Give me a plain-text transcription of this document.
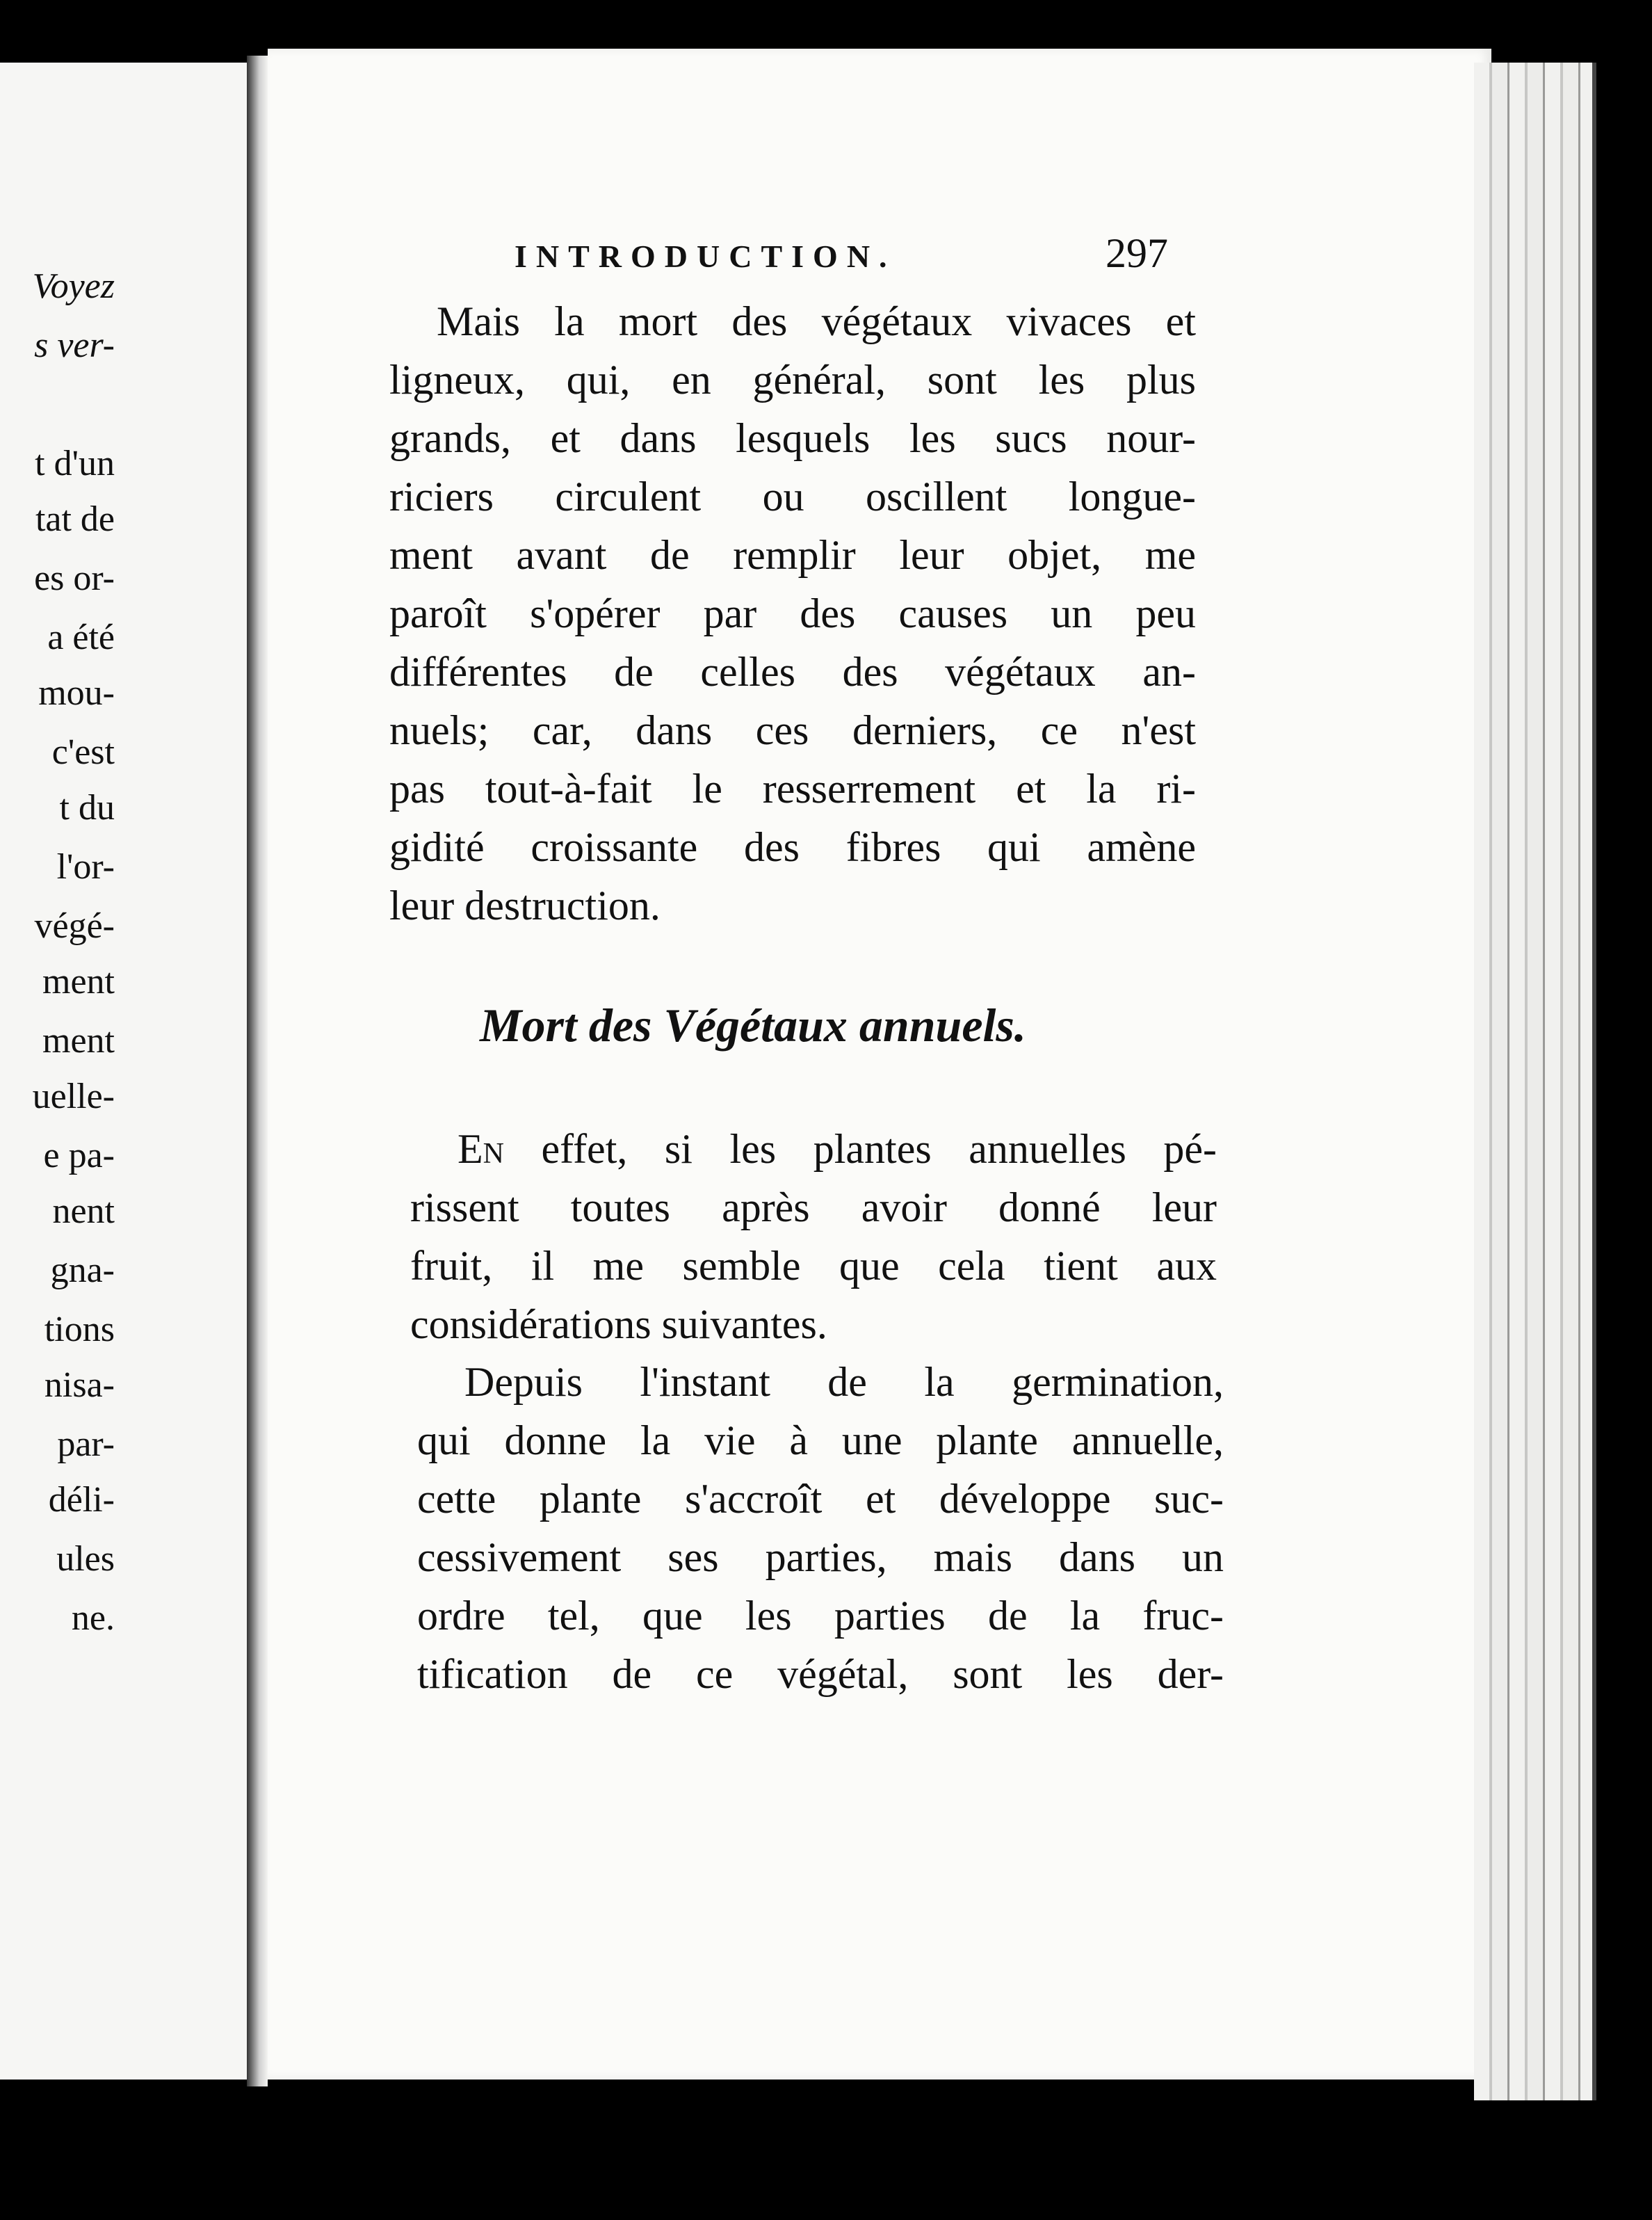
Voyez
s ver-
t d'un
tat de
es or-
a été
mou-
c'est
t du
l'or-
végé-
ment
ment
uelle-
e pa-
nent
gna-
tions
nisa-
par-
déli-
ules
ne.
INTRODUCTION.	297
Mais la mort des végétaux vivaces et
ligneux, qui, en général, sont les plus
grands, et dans lesquels les sucs nour-
riciers circulent ou oscillent longue-
ment avant de remplir leur objet, me
paroît s'opérer par des causes un peu
différentes de celles des végétaux an-
nuels; car, dans ces derniers, ce n'est
pas tout-à-fait le resserrement et la ri-
gidité croissante des fibres qui amène
leur destruction.
Mort des Végétaux annuels.
En effet, si les plantes annuelles pé-
rissent toutes après avoir donné leur
fruit, il me semble que cela tient aux
considérations suivantes.
Depuis l'instant de la germination,
qui donne la vie à une plante annuelle,
cette plante s'accroît et développe suc-
cessivement ses parties, mais dans un
ordre tel, que les parties de la fruc-
tification de ce végétal, sont les der-
